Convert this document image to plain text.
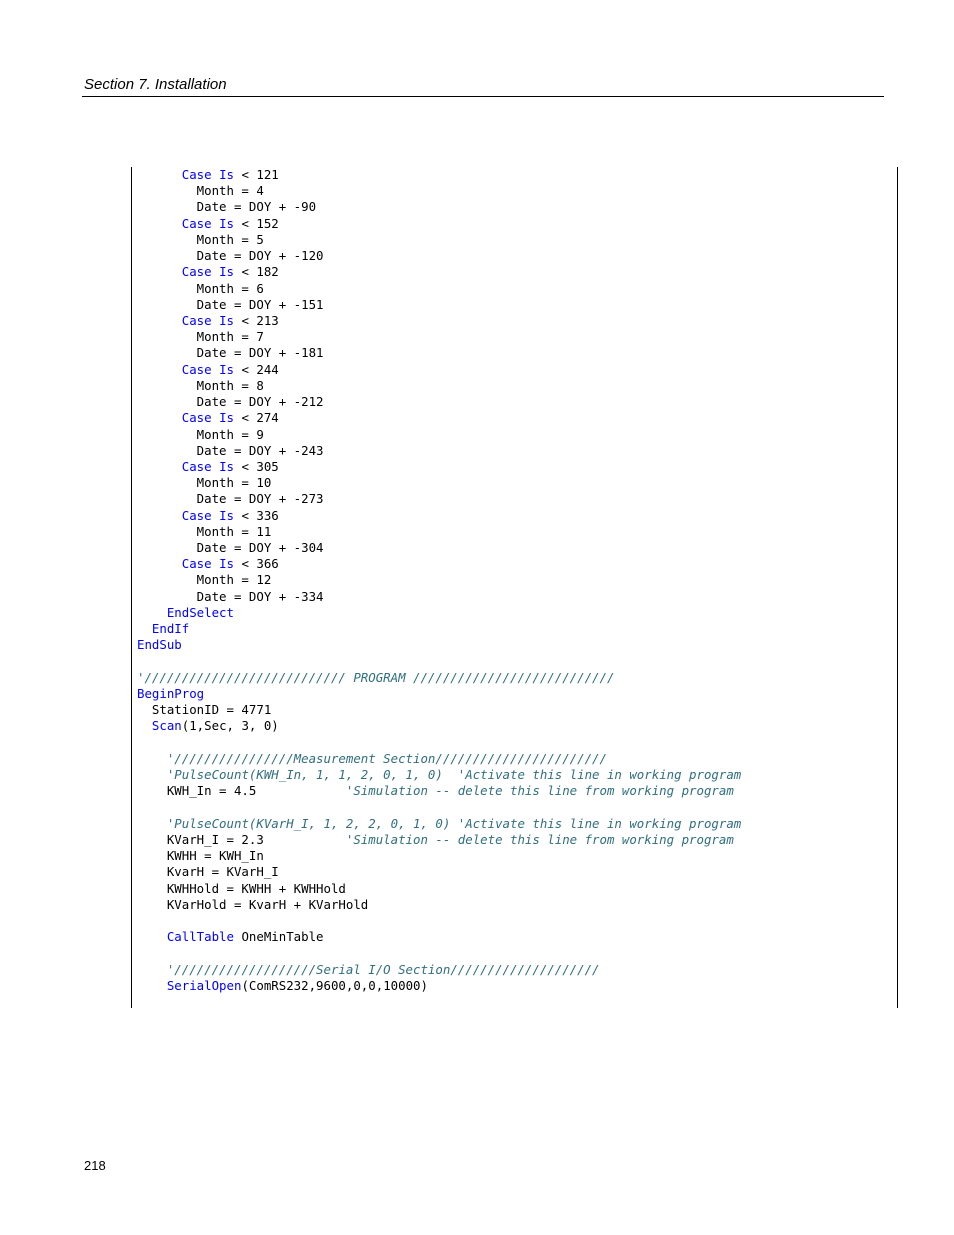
Section 7. Installation
Case Is < 121
Month = 4
Date = DOY + -90
Case Is < 152
Month = 5
Date = DOY + -120
Case Is < 182
Month = 6
Date = DOY + -151
Case Is < 213
Month = 7
Date = DOY + -181
Case Is < 244
Month = 8
Date = DOY + -212
Case Is < 274
Month = 9
Date = DOY + -243
Case Is < 305
Month = 10
Date = DOY + -273
Case Is < 336
Month = 11
Date = DOY + -304
Case Is < 366
Month = 12
Date = DOY + -334
EndSelect
EndIf
EndSub
'/////////////////////////// PROGRAM ///////////////////////////
BeginProg
StationID = 4771
Scan(1,Sec, 3, 0)
'////////////////Measurement Section///////////////////////
'PulseCount(KWH_In, 1, 1, 2, 0, 1, 0)  'Activate this line in working program
KWH_In = 4.5            'Simulation -- delete this line from working program
'PulseCount(KVarH_I, 1, 2, 2, 0, 1, 0) 'Activate this line in working program
KVarH_I = 2.3           'Simulation -- delete this line from working program
KWHH = KWH_In
KvarH = KVarH_I
KWHHold = KWHH + KWHHold
KVarHold = KvarH + KVarHold
CallTable OneMinTable
'///////////////////Serial I/O Section////////////////////
SerialOpen(ComRS232,9600,0,0,10000)
218
